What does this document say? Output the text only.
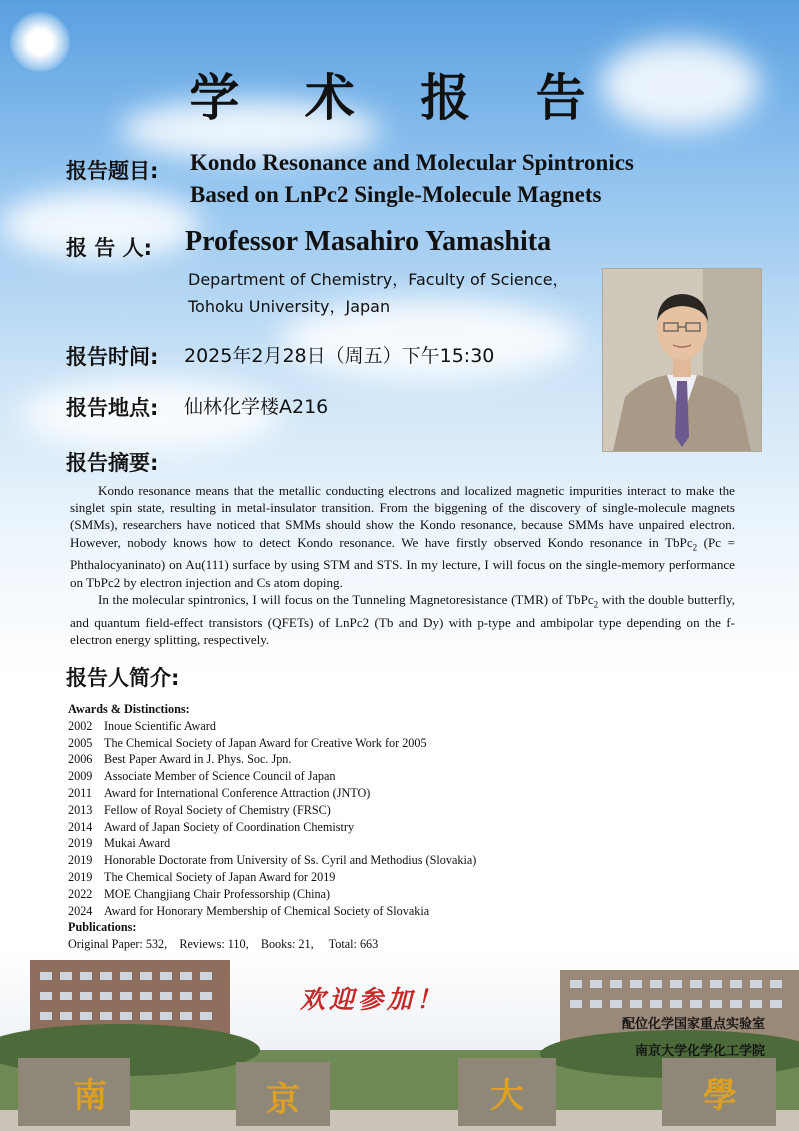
学 术 报 告
报告题目: Kondo Resonance and Molecular Spintronics
Based on LnPc2 Single-Molecule Magnets
报 告 人: Professor Masahiro Yamashita
Department of Chemistry，Faculty of Science，
Tohoku University，Japan
报告时间: 2025年2月28日（周五）下午15:30
报告地点: 仙林化学楼A216
报告摘要:

Kondo resonance means that the metallic conducting electrons and localized magnetic impurities interact to make the singlet spin state, resulting in metal-insulator transition. From the biggening of the discovery of single-molecule magnets (SMMs), researchers have noticed that SMMs should show the Kondo resonance, because SMMs have unpaired electron. However, nobody knows how to detect Kondo resonance. We have firstly observed Kondo resonance in TbPc$_2$ (Pc = Phthalocyaninato) on Au(111) surface by using STM and STS. In my lecture, I will focus on the single-memory performance on TbPc2 by electron injection and Cs atom doping.

In the molecular spintronics, I will focus on the Tunneling Magnetoresistance (TMR) of TbPc$_2$ with the double butterfly, and quantum field-effect transistors (QFETs) of LnPc2 (Tb and Dy) with p-type and ambipolar type depending on the f-electron energy splitting, respectively.

报告人简介:
Awards & Distinctions:
2002 Inoue Scientific Award
2005 The Chemical Society of Japan Award for Creative Work for 2005
2006 Best Paper Award in J. Phys. Soc. Jpn.
2009 Associate Member of Science Council of Japan
2011 Award for International Conference Attraction (JNTO)
2013 Fellow of Royal Society of Chemistry (FRSC)
2014 Award of Japan Society of Coordination Chemistry
2019 Mukai Award
2019 Honorable Doctorate from University of Ss. Cyril and Methodius (Slovakia)
2019 The Chemical Society of Japan Award for 2019
2022 MOE Changjiang Chair Professorship (China)
2024 Award for Honorary Membership of Chemical Society of Slovakia
Publications:
Original Paper: 532,    Reviews: 110,    Books: 21,     Total: 663
南	京	大	學
欢迎参加！
配位化学国家重点实验室
南京大学化学化工学院
